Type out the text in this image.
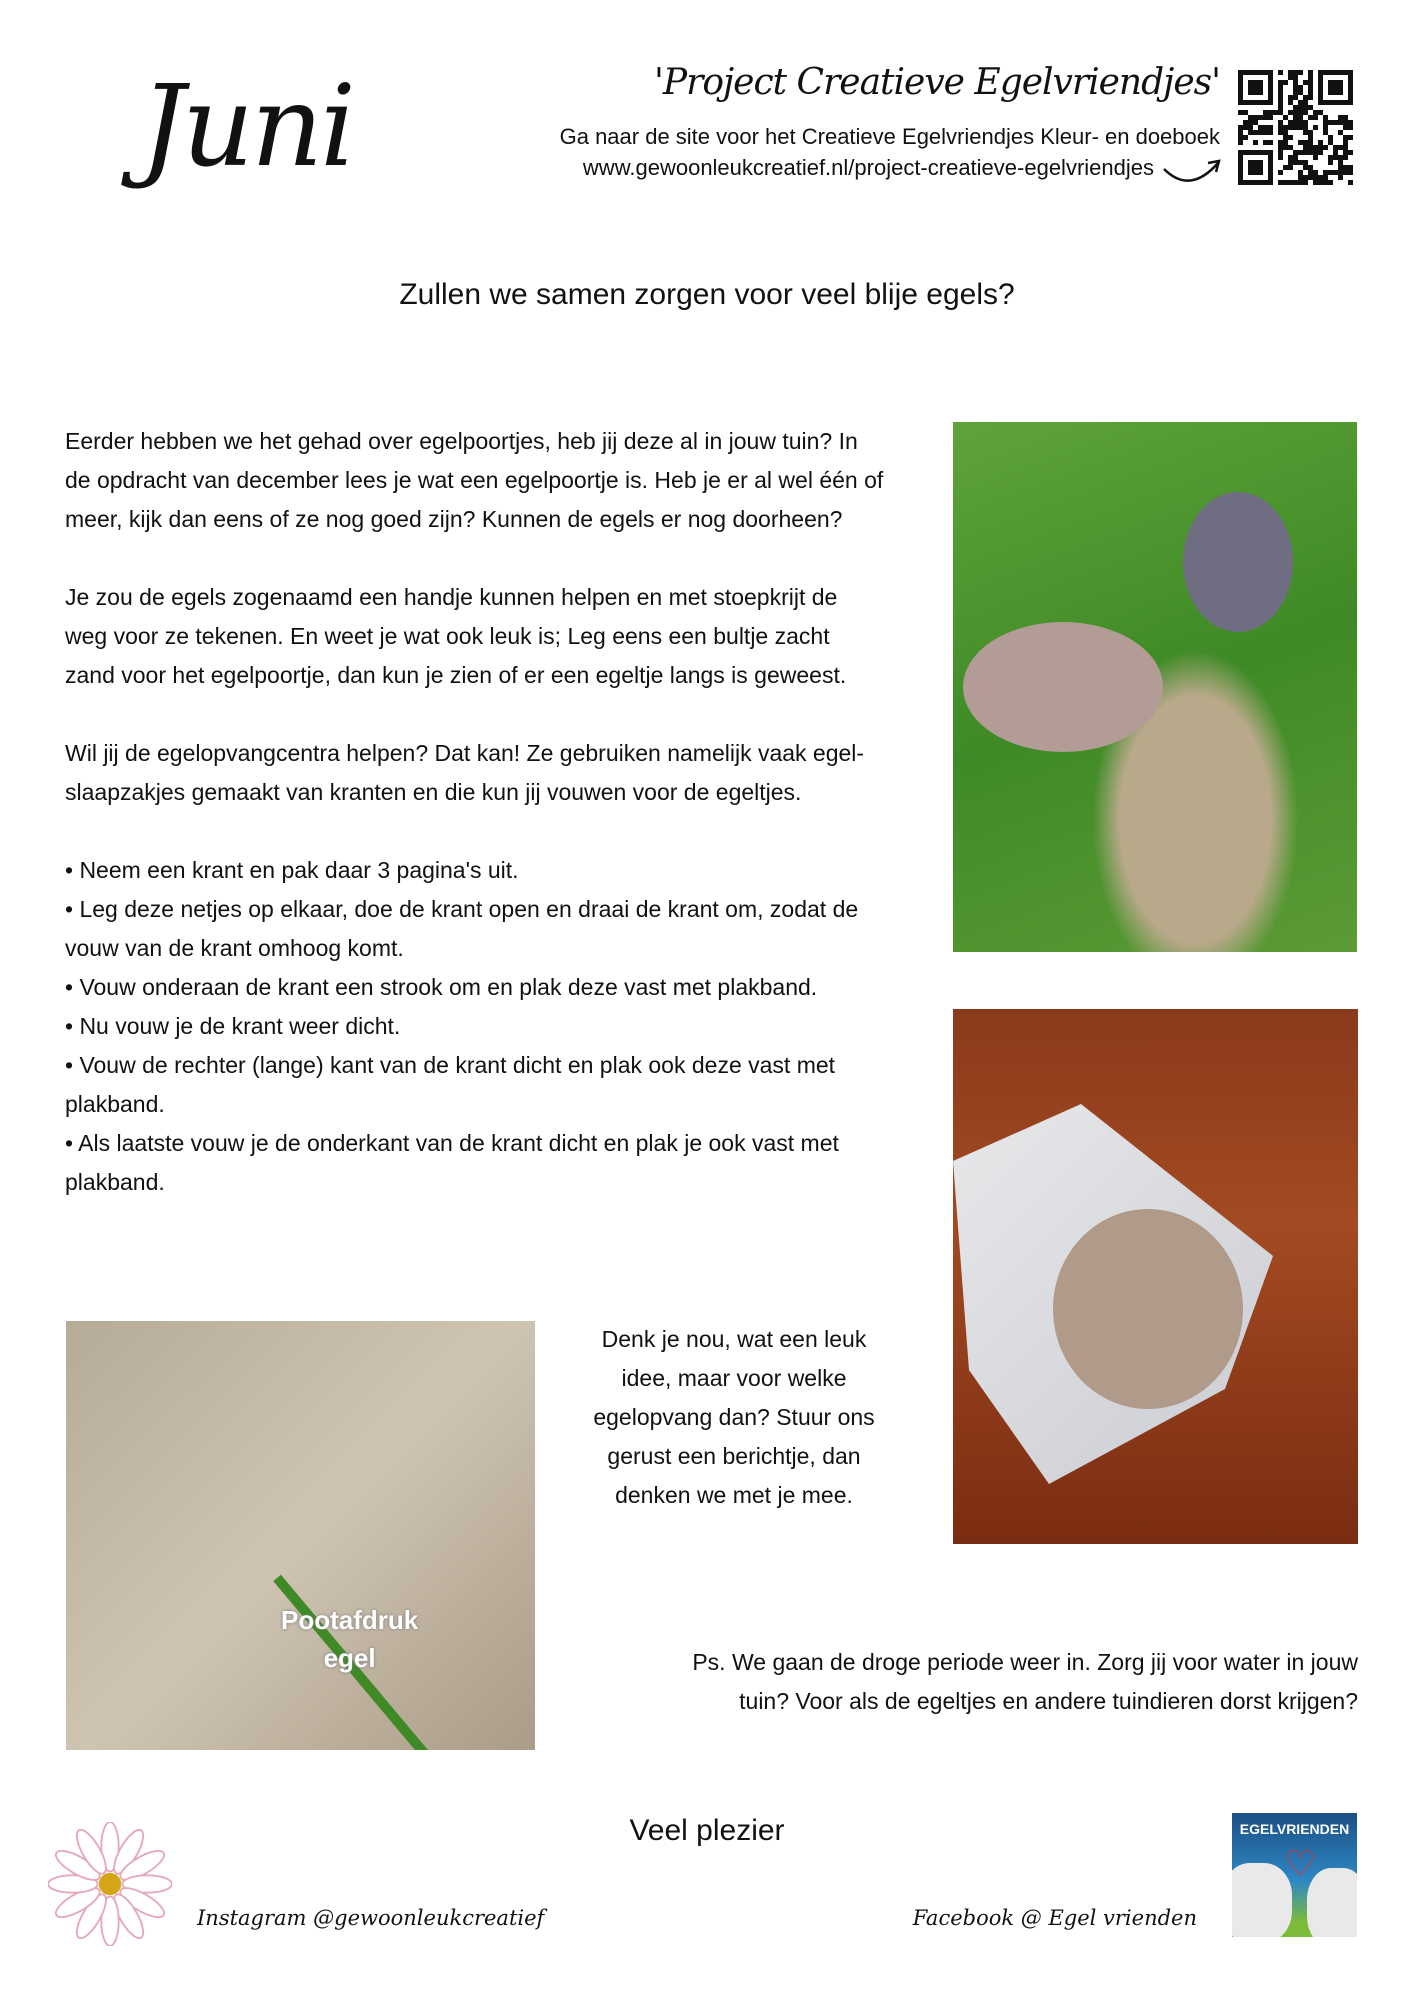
Juni	'Project Creatieve Egelvriendjes'
Ga naar de site voor het Creatieve Egelvriendjes Kleur- en doeboek
www.gewoonleukcreatief.nl/project-creatieve-egelvriendjes
Zullen we samen zorgen voor veel blije egels?

Eerder hebben we het gehad over egelpoortjes, heb jij deze al in jouw tuin? In de opdracht van december lees je wat een egelpoortje is. Heb je er al wel één of meer, kijk dan eens of ze nog goed zijn? Kunnen de egels er nog doorheen?

Je zou de egels zogenaamd een handje kunnen helpen en met stoepkrijt de weg voor ze tekenen. En weet je wat ook leuk is; Leg eens een bultje zacht zand voor het egelpoortje, dan kun je zien of er een egeltje langs is geweest.

Wil jij de egelopvangcentra helpen? Dat kan! Ze gebruiken namelijk vaak egel-slaapzakjes gemaakt van kranten en die kun jij vouwen voor de egeltjes.

• Neem een krant en pak daar 3 pagina's uit.

• Leg deze netjes op elkaar, doe de krant open en draai de krant om, zodat de vouw van de krant omhoog komt.

• Vouw onderaan de krant een strook om en plak deze vast met plakband.

• Nu vouw je de krant weer dicht.

• Vouw de rechter (lange) kant van de krant dicht en plak ook deze vast met plakband.

• Als laatste vouw je de onderkant van de krant dicht en plak je ook vast met plakband.

Pootafdruk
egel
Denk je nou, wat een leuk idee, maar voor welke egelopvang dan? Stuur ons gerust een berichtje, dan denken we met je mee.
Ps. We gaan de droge periode weer in. Zorg jij voor water in jouw tuin? Voor als de egeltjes en andere tuindieren dorst krijgen?
Veel plezier
Instagram @gewoonleukcreatief	Facebook @ Egel vrienden
EGELVRIENDEN
♡
